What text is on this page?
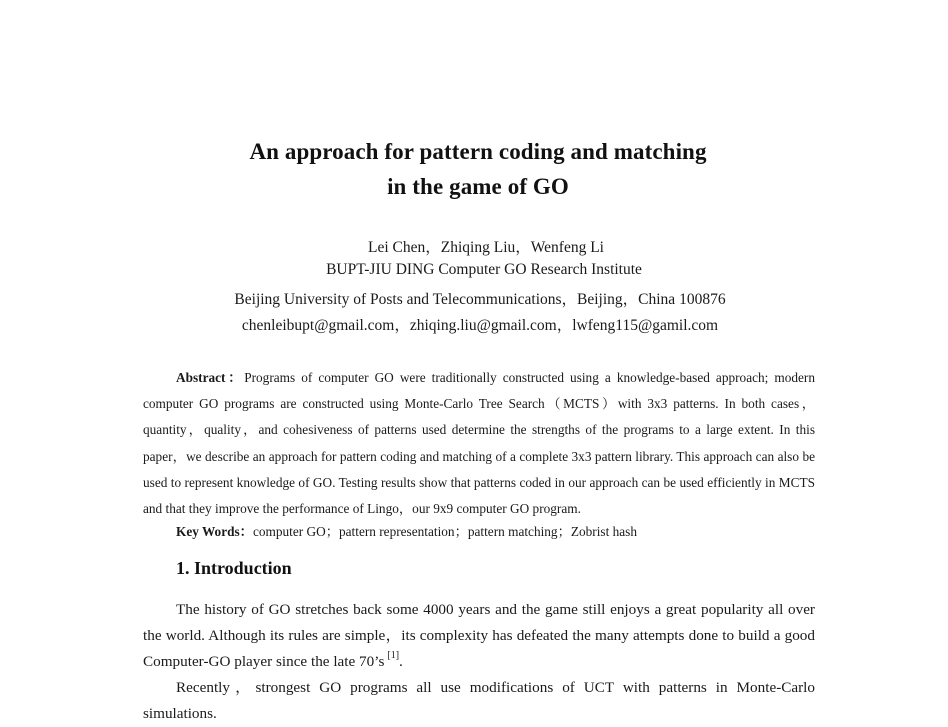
An approach for pattern coding and matching
in the game of GO
Lei Chen，Zhiqing Liu，Wenfeng Li
BUPT-JIU DING Computer GO Research Institute
Beijing University of Posts and Telecommunications，Beijing，China 100876
chenleibupt@gmail.com，zhiqing.liu@gmail.com，lwfeng115@gamil.com
Abstract：Programs of computer GO were traditionally constructed using a knowledge-based approach; modern computer GO programs are constructed using Monte-Carlo Tree Search（MCTS）with 3x3 patterns. In both cases，quantity，quality，and cohesiveness of patterns used determine the strengths of the programs to a large extent. In this paper，we describe an approach for pattern coding and matching of a complete 3x3 pattern library. This approach can also be used to represent knowledge of GO. Testing results show that patterns coded in our approach can be used efficiently in MCTS and that they improve the performance of Lingo，our 9x9 computer GO program.
Key Words：computer GO；pattern representation；pattern matching；Zobrist hash
1. Introduction
The history of GO stretches back some 4000 years and the game still enjoys a great popularity all over the world. Although its rules are simple，its complexity has defeated the many attempts done to build a good Computer-GO player since the late 70’s [1].
Recently，strongest GO programs all use modifications of UCT with patterns in Monte-Carlo simulations.
